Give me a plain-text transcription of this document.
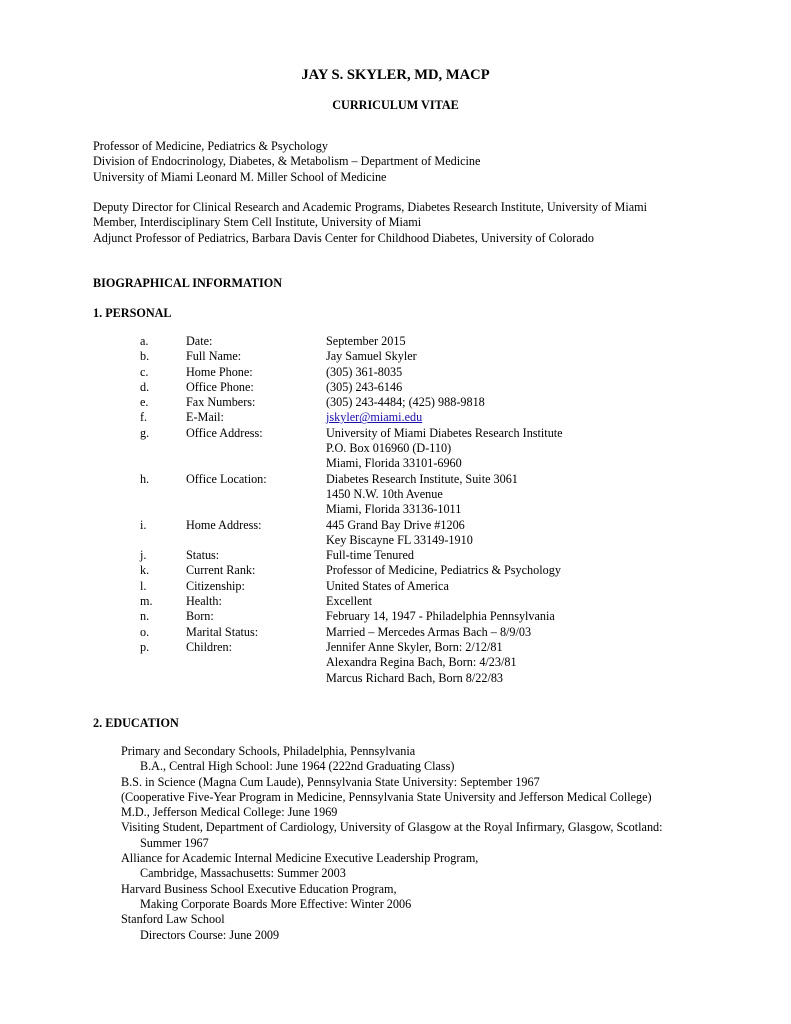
JAY S. SKYLER, MD, MACP
CURRICULUM VITAE
Professor of Medicine, Pediatrics & Psychology
Division of Endocrinology, Diabetes, & Metabolism – Department of Medicine
University of Miami Leonard M. Miller School of Medicine
Deputy Director for Clinical Research and Academic Programs, Diabetes Research Institute, University of Miami
Member, Interdisciplinary Stem Cell Institute, University of Miami
Adjunct Professor of Pediatrics, Barbara Davis Center for Childhood Diabetes, University of Colorado
BIOGRAPHICAL INFORMATION
1. PERSONAL
a.	Date:	September 2015
b.	Full Name:	Jay Samuel Skyler
c.	Home Phone:	(305) 361-8035
d.	Office Phone:	(305) 243-6146
e.	Fax Numbers:	(305) 243-4484; (425) 988-9818
f.	E-Mail:	jskyler@miami.edu
g.	Office Address:	University of Miami Diabetes Research Institute
P.O. Box 016960 (D-110)
Miami, Florida 33101-6960
h.	Office Location:	Diabetes Research Institute, Suite 3061
1450 N.W. 10th Avenue
Miami, Florida 33136-1011
i.	Home Address:	445 Grand Bay Drive #1206
Key Biscayne FL 33149-1910
j.	Status:	Full-time Tenured
k.	Current Rank:	Professor of Medicine, Pediatrics & Psychology
l.	Citizenship:	United States of America
m.	Health:	Excellent
n.	Born:	February 14, 1947 - Philadelphia Pennsylvania
o.	Marital Status:	Married – Mercedes Armas Bach – 8/9/03
p.	Children:	Jennifer Anne Skyler, Born: 2/12/81
Alexandra Regina Bach, Born: 4/23/81
Marcus Richard Bach, Born 8/22/83
2. EDUCATION
Primary and Secondary Schools, Philadelphia, Pennsylvania
B.A., Central High School: June 1964 (222nd Graduating Class)
B.S. in Science (Magna Cum Laude), Pennsylvania State University: September 1967
(Cooperative Five-Year Program in Medicine, Pennsylvania State University and Jefferson Medical College)
M.D., Jefferson Medical College: June 1969
Visiting Student, Department of Cardiology, University of Glasgow at the Royal Infirmary, Glasgow, Scotland:
Summer 1967
Alliance for Academic Internal Medicine Executive Leadership Program,
Cambridge, Massachusetts: Summer 2003
Harvard Business School Executive Education Program,
Making Corporate Boards More Effective: Winter 2006
Stanford Law School
Directors Course: June 2009
